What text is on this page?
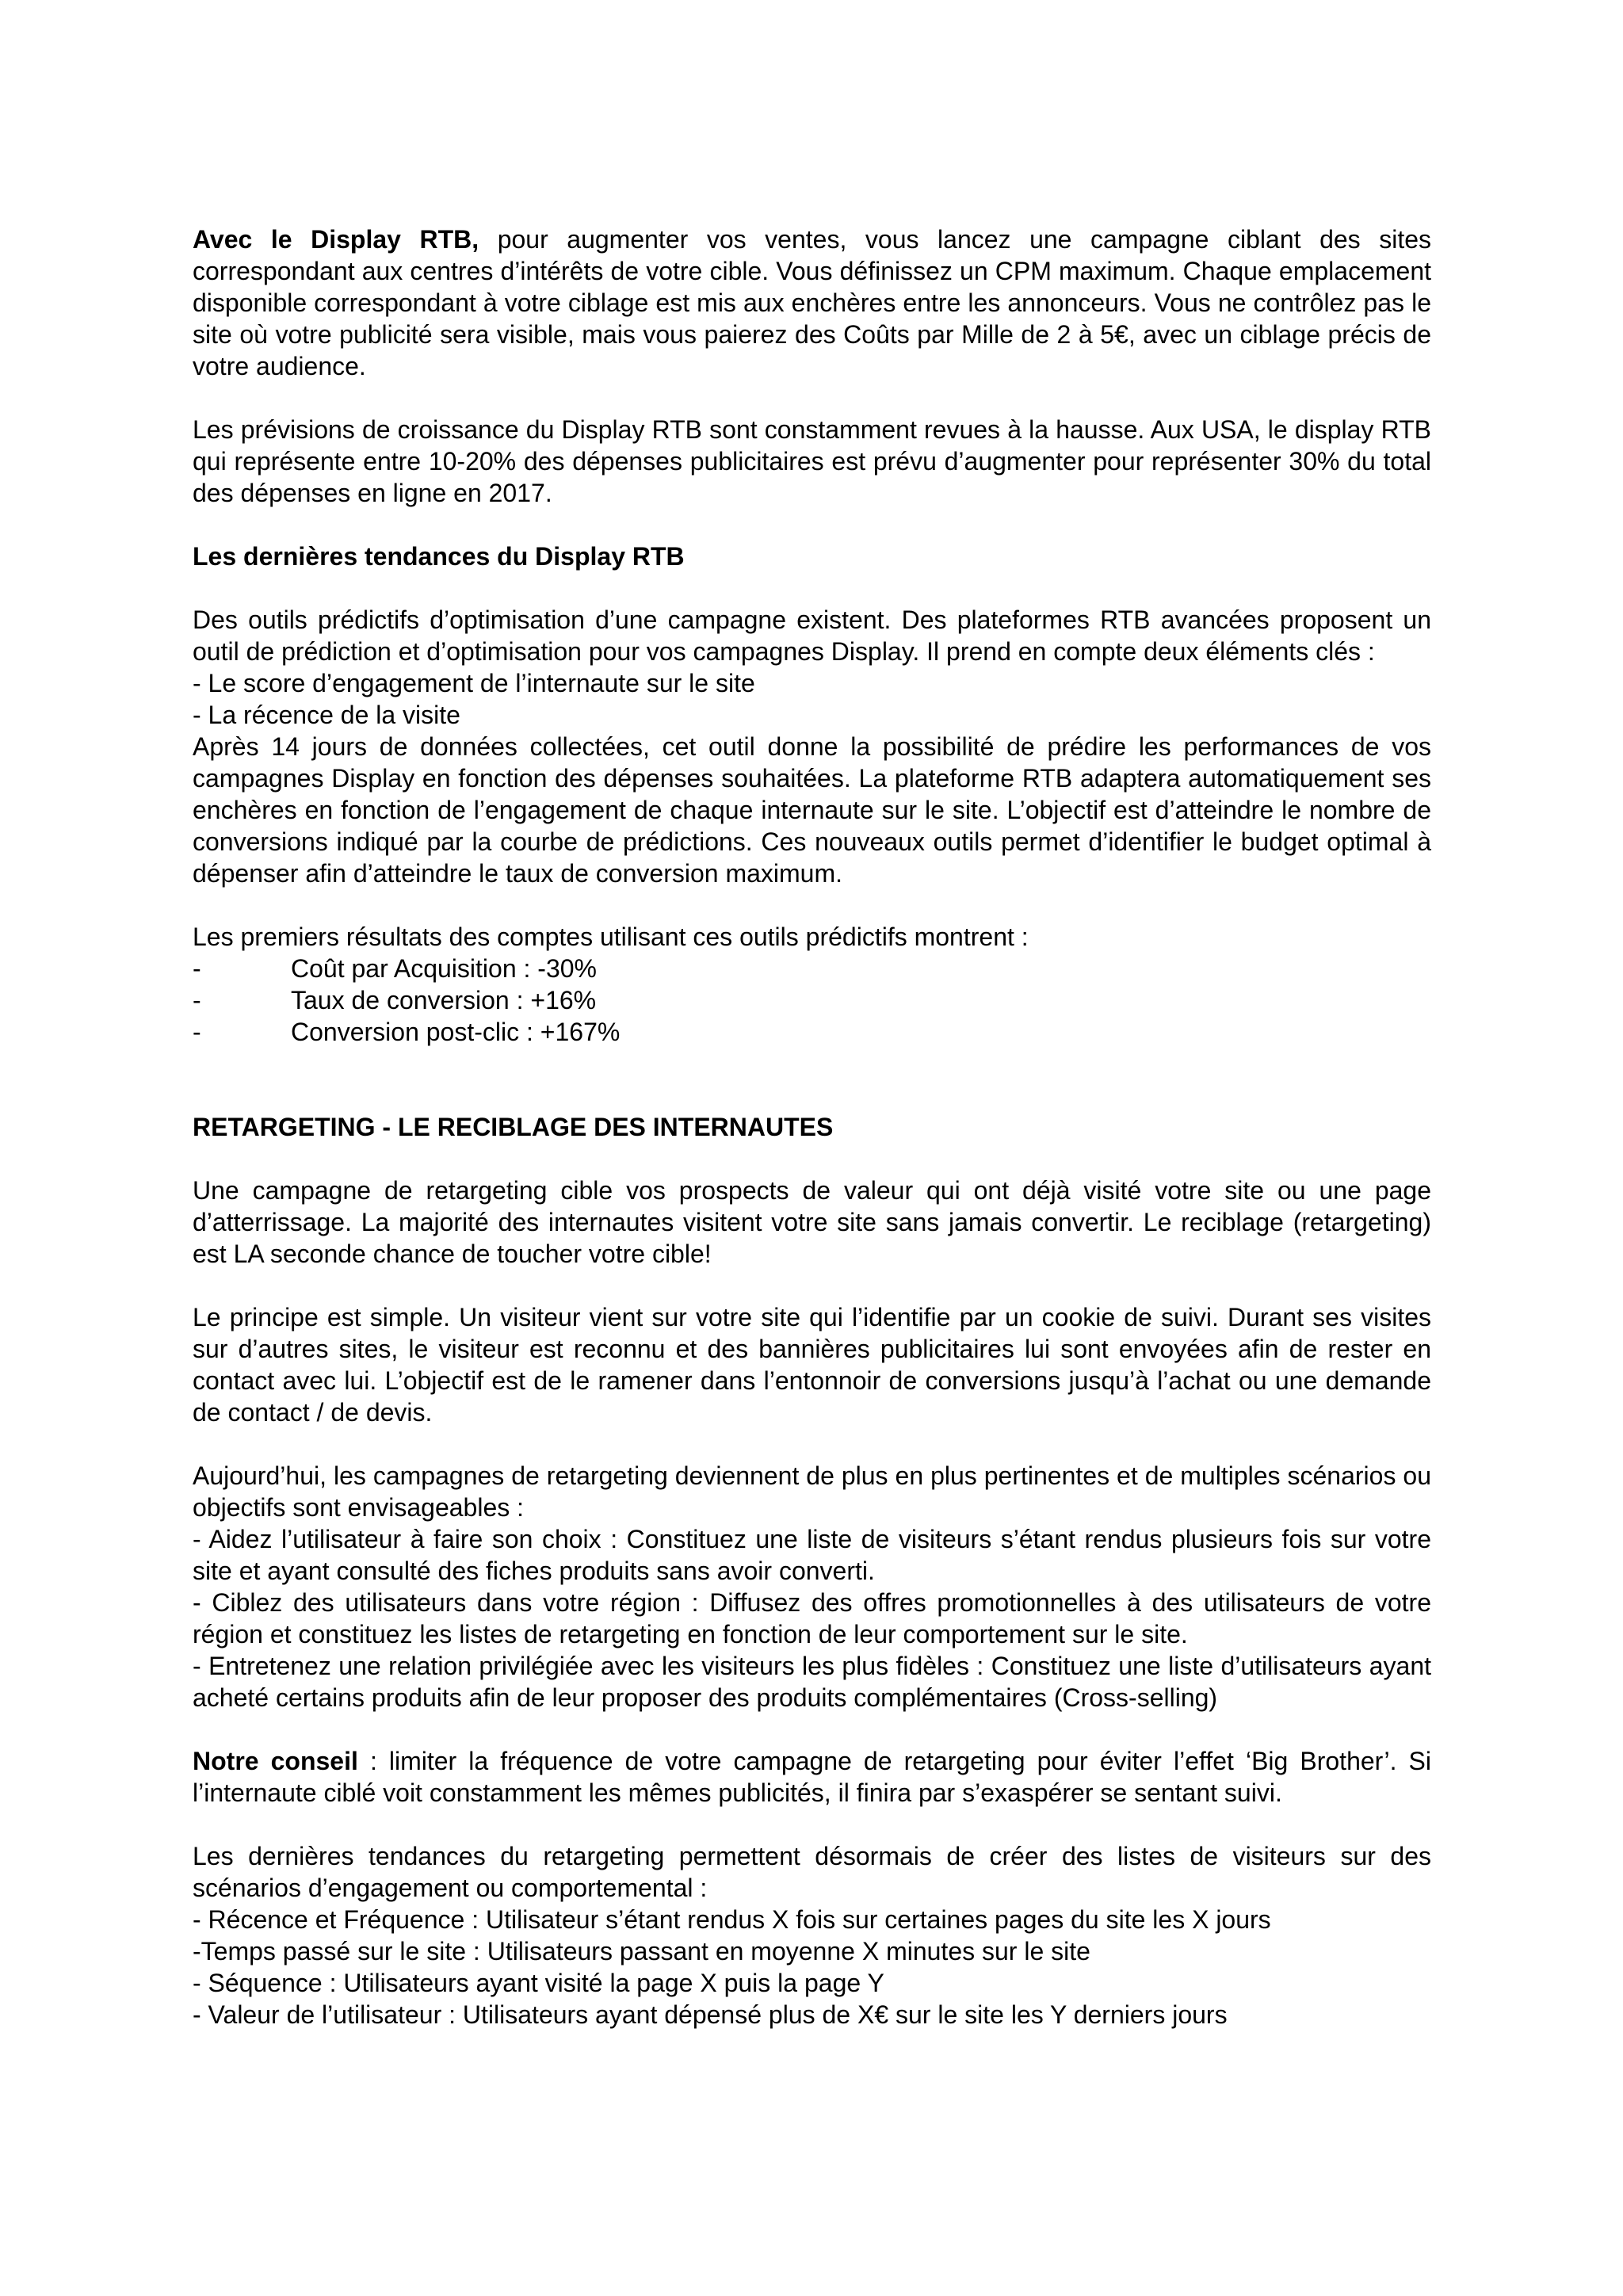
Avec le Display RTB, pour augmenter vos ventes, vous lancez une campagne ciblant des sites correspondant aux centres d’intérêts de votre cible. Vous définissez un CPM maximum. Chaque emplacement disponible correspondant à votre ciblage est mis aux enchères entre les annonceurs. Vous ne contrôlez pas le site où votre publicité sera visible, mais vous paierez des Coûts par Mille de 2 à 5€, avec un ciblage précis de votre audience.

Les prévisions de croissance du Display RTB sont constamment revues à la hausse. Aux USA, le display RTB qui représente entre 10-20% des dépenses publicitaires est prévu d’augmenter pour représenter 30% du total des dépenses en ligne en 2017.

Les dernières tendances du Display RTB

Des outils prédictifs d’optimisation d’une campagne existent. Des plateformes RTB avancées proposent un outil de prédiction et d’optimisation pour vos campagnes Display. Il prend en compte deux éléments clés :

- Le score d’engagement de l’internaute sur le site

- La récence de la visite

Après 14 jours de données collectées, cet outil donne la possibilité de prédire les performances de vos campagnes Display en fonction des dépenses souhaitées. La plateforme RTB adaptera automatiquement ses enchères en fonction de l’engagement de chaque internaute sur le site. L’objectif est d’atteindre le nombre de conversions indiqué par la courbe de prédictions. Ces nouveaux outils permet d’identifier le budget optimal à dépenser afin d’atteindre le taux de conversion maximum.

Les premiers résultats des comptes utilisant ces outils prédictifs montrent :

-	Coût par Acquisition : -30%
-	Taux de conversion : +16%
-	Conversion post-clic : +167%

RETARGETING - LE RECIBLAGE DES INTERNAUTES

Une campagne de retargeting cible vos prospects de valeur qui ont déjà visité votre site ou une page d’atterrissage. La majorité des internautes visitent votre site sans jamais convertir. Le reciblage (retargeting) est LA seconde chance de toucher votre cible!

Le principe est simple. Un visiteur vient sur votre site qui l’identifie par un cookie de suivi. Durant ses visites sur d’autres sites, le visiteur est reconnu et des bannières publicitaires lui sont envoyées afin de rester en contact avec lui. L’objectif est de le ramener dans l’entonnoir de conversions jusqu’à l’achat ou une demande de contact / de devis.

Aujourd’hui, les campagnes de retargeting deviennent de plus en plus pertinentes et de multiples scénarios ou objectifs sont envisageables :

- Aidez l’utilisateur à faire son choix : Constituez une liste de visiteurs s’étant rendus plusieurs fois sur votre site et ayant consulté des fiches produits sans avoir converti.

- Ciblez des utilisateurs dans votre région : Diffusez des offres promotionnelles à des utilisateurs de votre région et constituez les listes de retargeting en fonction de leur comportement sur le site.

- Entretenez une relation privilégiée avec les visiteurs les plus fidèles : Constituez une liste d’utilisateurs ayant acheté certains produits afin de leur proposer des produits complémentaires (Cross-selling)

Notre conseil : limiter la fréquence de votre campagne de retargeting pour éviter l’effet ‘Big Brother’. Si l’internaute ciblé voit constamment les mêmes publicités, il finira par s’exaspérer se sentant suivi.

Les dernières tendances du retargeting permettent désormais de créer des listes de visiteurs sur des scénarios d’engagement ou comportemental :

- Récence et Fréquence : Utilisateur s’étant rendus X fois sur certaines pages du site les X jours

-Temps passé sur le site : Utilisateurs passant en moyenne X minutes sur le site

- Séquence : Utilisateurs ayant visité la page X puis la page Y

- Valeur de l’utilisateur : Utilisateurs ayant dépensé plus de X€ sur le site les Y derniers jours
